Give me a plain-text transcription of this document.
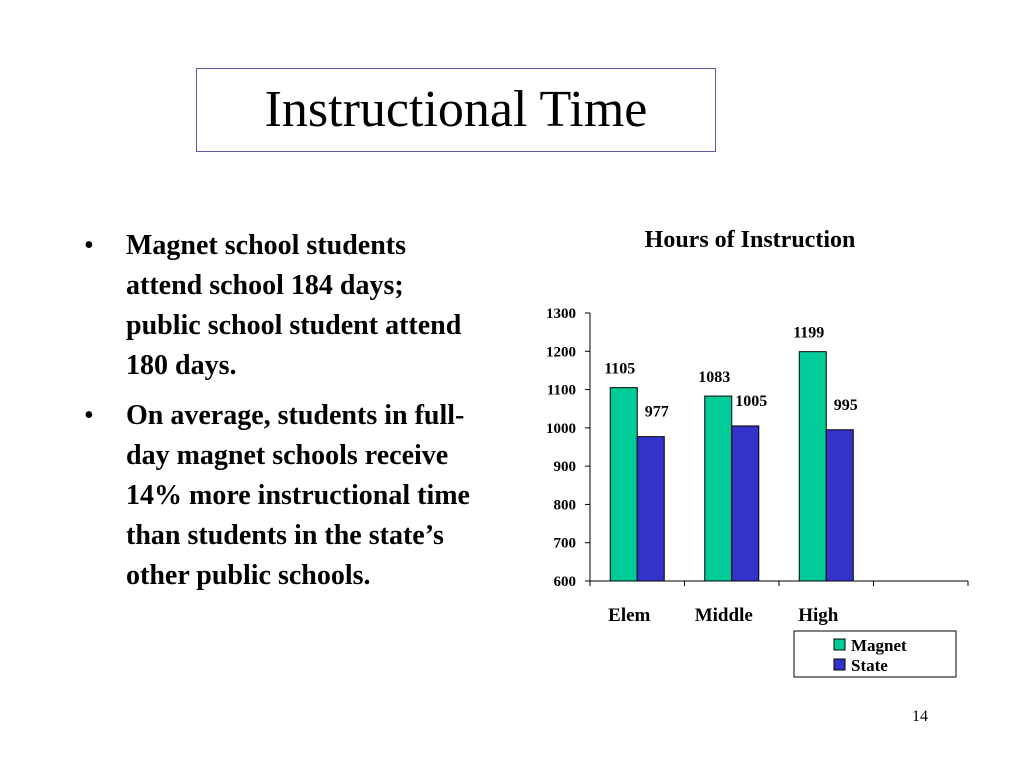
Instructional Time
• Magnet school students attend school 184 days; public school student attend 180 days.
• On average, students in full-day magnet schools receive 14% more instructional time than students in the state’s other public schools.
Hours of Instruction
600
700
800
900
1000
1100
1200
1300
1105
977
Elem
1083
1005
Middle
1199
995
High
Magnet
State
14
